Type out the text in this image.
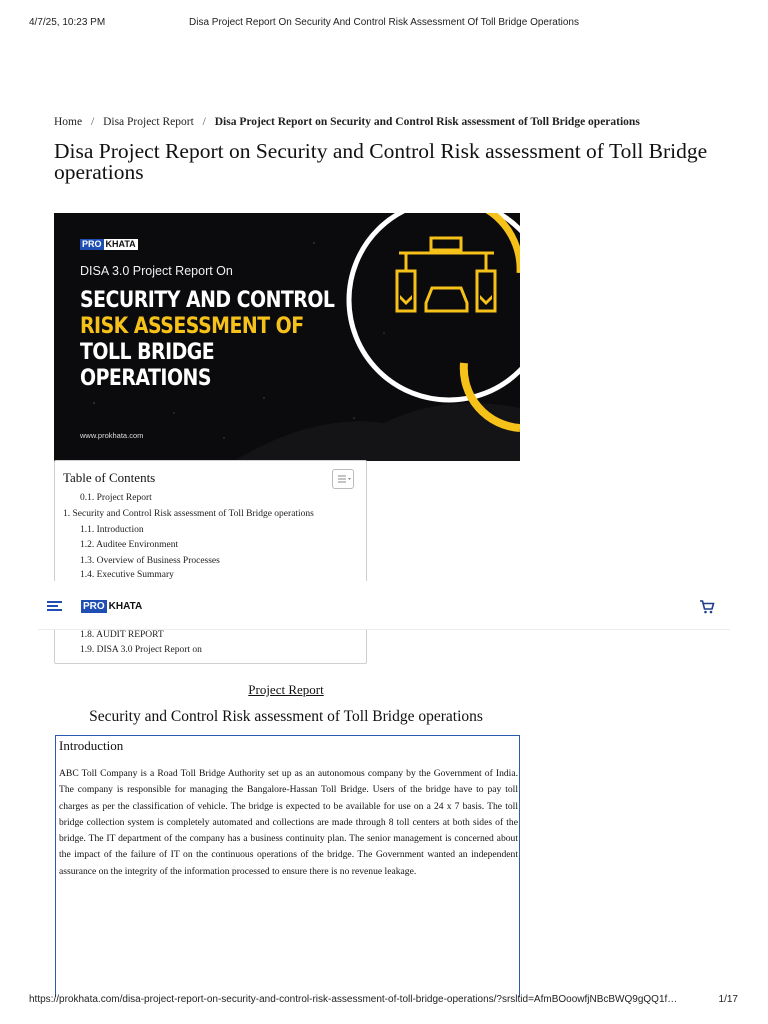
4/7/25, 10:23 PM	Disa Project Report On Security And Control Risk Assessment Of Toll Bridge Operations
Home / Disa Project Report / Disa Project Report on Security and Control Risk assessment of Toll Bridge operations
Disa Project Report on Security and Control Risk assessment of Toll Bridge operations
PRO KHATA
DISA 3.0 Project Report On
SECURITY AND CONTROL
RISK ASSESSMENT OF
TOLL BRIDGE
OPERATIONS
www.prokhata.com
Table of Contents
0.1. Project Report
1. Security and Control Risk assessment of Toll Bridge operations
1.1. Introduction
1.2. Auditee Environment
1.3. Overview of Business Processes
1.4. Executive Summary
1.8. AUDIT REPORT
1.9. DISA 3.0 Project Report on
PRO KHATA
Project Report
Security and Control Risk assessment of Toll Bridge operations
Introduction

ABC Toll Company is a Road Toll Bridge Authority set up as an autonomous company by the Government of India. The company is responsible for managing the Bangalore-Hassan Toll Bridge. Users of the bridge have to pay toll charges as per the classification of vehicle. The bridge is expected to be available for use on a 24 x 7 basis. The toll bridge collection system is completely automated and collections are made through 8 toll centers at both sides of the bridge. The IT department of the company has a business continuity plan. The senior management is concerned about the impact of the failure of IT on the continuous operations of the bridge. The Government wanted an independent assurance on the integrity of the information processed to ensure there is no revenue leakage.

https://prokhata.com/disa-project-report-on-security-and-control-risk-assessment-of-toll-bridge-operations/?srsltid=AfmBOoowfjNBcBWQ9gQQ1f…	1/17
